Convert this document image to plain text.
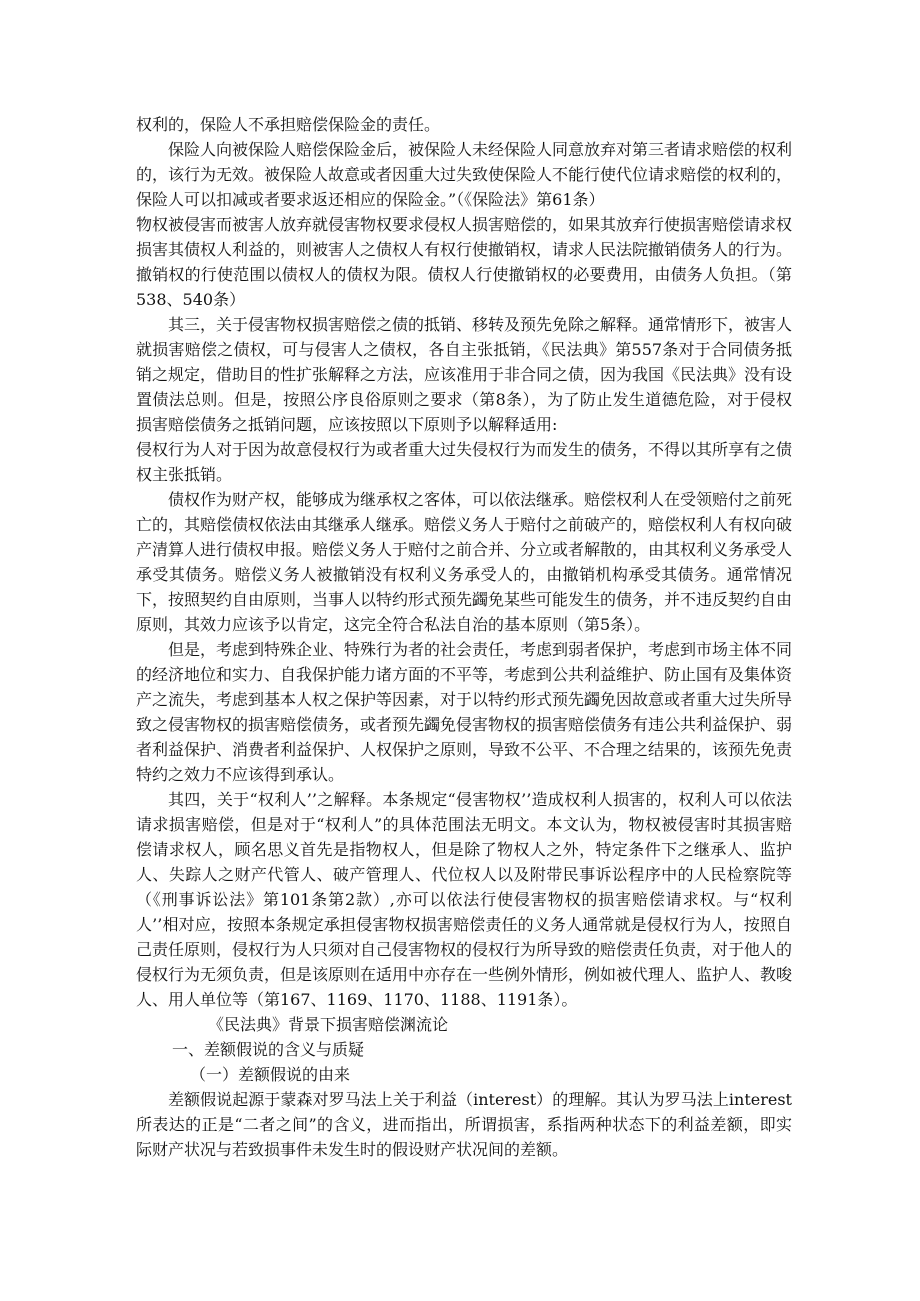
权利的，保险人不承担赔偿保险金的责任。

保险人向被保险人赔偿保险金后，被保险人未经保险人同意放弃对第三者请求赔偿的权利的，该行为无效。被保险人故意或者因重大过失致使保险人不能行使代位请求赔偿的权利的，保险人可以扣减或者要求返还相应的保险金。”（《保险法》第61条）

物权被侵害而被害人放弃就侵害物权要求侵权人损害赔偿的，如果其放弃行使损害赔偿请求权损害其债权人利益的，则被害人之债权人有权行使撤销权，请求人民法院撤销债务人的行为。撤销权的行使范围以债权人的债权为限。债权人行使撤销权的必要费用，由债务人负担。（第538、540条）

其三，关于侵害物权损害赔偿之债的抵销、移转及预先免除之解释。通常情形下，被害人就损害赔偿之债权，可与侵害人之债权，各自主张抵销，《民法典》第557条对于合同债务抵销之规定，借助目的性扩张解释之方法，应该准用于非合同之债，因为我国《民法典》没有设置债法总则。但是，按照公序良俗原则之要求（第8条），为了防止发生道德危险，对于侵权损害赔偿债务之抵销问题，应该按照以下原则予以解释适用:

侵权行为人对于因为故意侵权行为或者重大过失侵权行为而发生的债务，不得以其所享有之债权主张抵销。

债权作为财产权，能够成为继承权之客体，可以依法继承。赔偿权利人在受领赔付之前死亡的，其赔偿债权依法由其继承人继承。赔偿义务人于赔付之前破产的，赔偿权利人有权向破产清算人进行债权申报。赔偿义务人于赔付之前合并、分立或者解散的，由其权利义务承受人承受其债务。赔偿义务人被撤销没有权利义务承受人的，由撤销机构承受其债务。通常情况下，按照契约自由原则，当事人以特约形式预先蠲免某些可能发生的债务，并不违反契约自由原则，其效力应该予以肯定，这完全符合私法自治的基本原则（第5条）。

但是，考虑到特殊企业、特殊行为者的社会责任，考虑到弱者保护，考虑到市场主体不同的经济地位和实力、自我保护能力诸方面的不平等，考虑到公共利益维护、防止国有及集体资产之流失，考虑到基本人权之保护等因素，对于以特约形式预先蠲免因故意或者重大过失所导致之侵害物权的损害赔偿债务，或者预先蠲免侵害物权的损害赔偿债务有违公共利益保护、弱者利益保护、消费者利益保护、人权保护之原则，导致不公平、不合理之结果的，该预先免责特约之效力不应该得到承认。

其四，关于“权利人’’之解释。本条规定“侵害物权’’造成权利人损害的，权利人可以依法请求损害赔偿，但是对于“权利人”的具体范围法无明文。本文认为，物权被侵害时其损害赔偿请求权人，顾名思义首先是指物权人，但是除了物权人之外，特定条件下之继承人、监护人、失踪人之财产代管人、破产管理人、代位权人以及附带民事诉讼程序中的人民检察院等（《刑事诉讼法》第101条第2款）,亦可以依法行使侵害物权的损害赔偿请求权。与“权利人’’相对应，按照本条规定承担侵害物权损害赔偿责任的义务人通常就是侵权行为人，按照自己责任原则，侵权行为人只须对自己侵害物权的侵权行为所导致的赔偿责任负责，对于他人的侵权行为无须负责，但是该原则在适用中亦存在一些例外情形，例如被代理人、监护人、教唆人、用人单位等（第167、1169、1170、1188、1191条）。

《民法典》背景下损害赔偿渊流论

一、差额假说的含义与质疑

（一）差额假说的由来

差额假说起源于蒙森对罗马法上关于利益（interest）的理解。其认为罗马法上interest所表达的正是“二者之间”的含义，进而指出，所谓损害，系指两种状态下的利益差额，即实际财产状况与若致损事件未发生时的假设财产状况间的差额。
